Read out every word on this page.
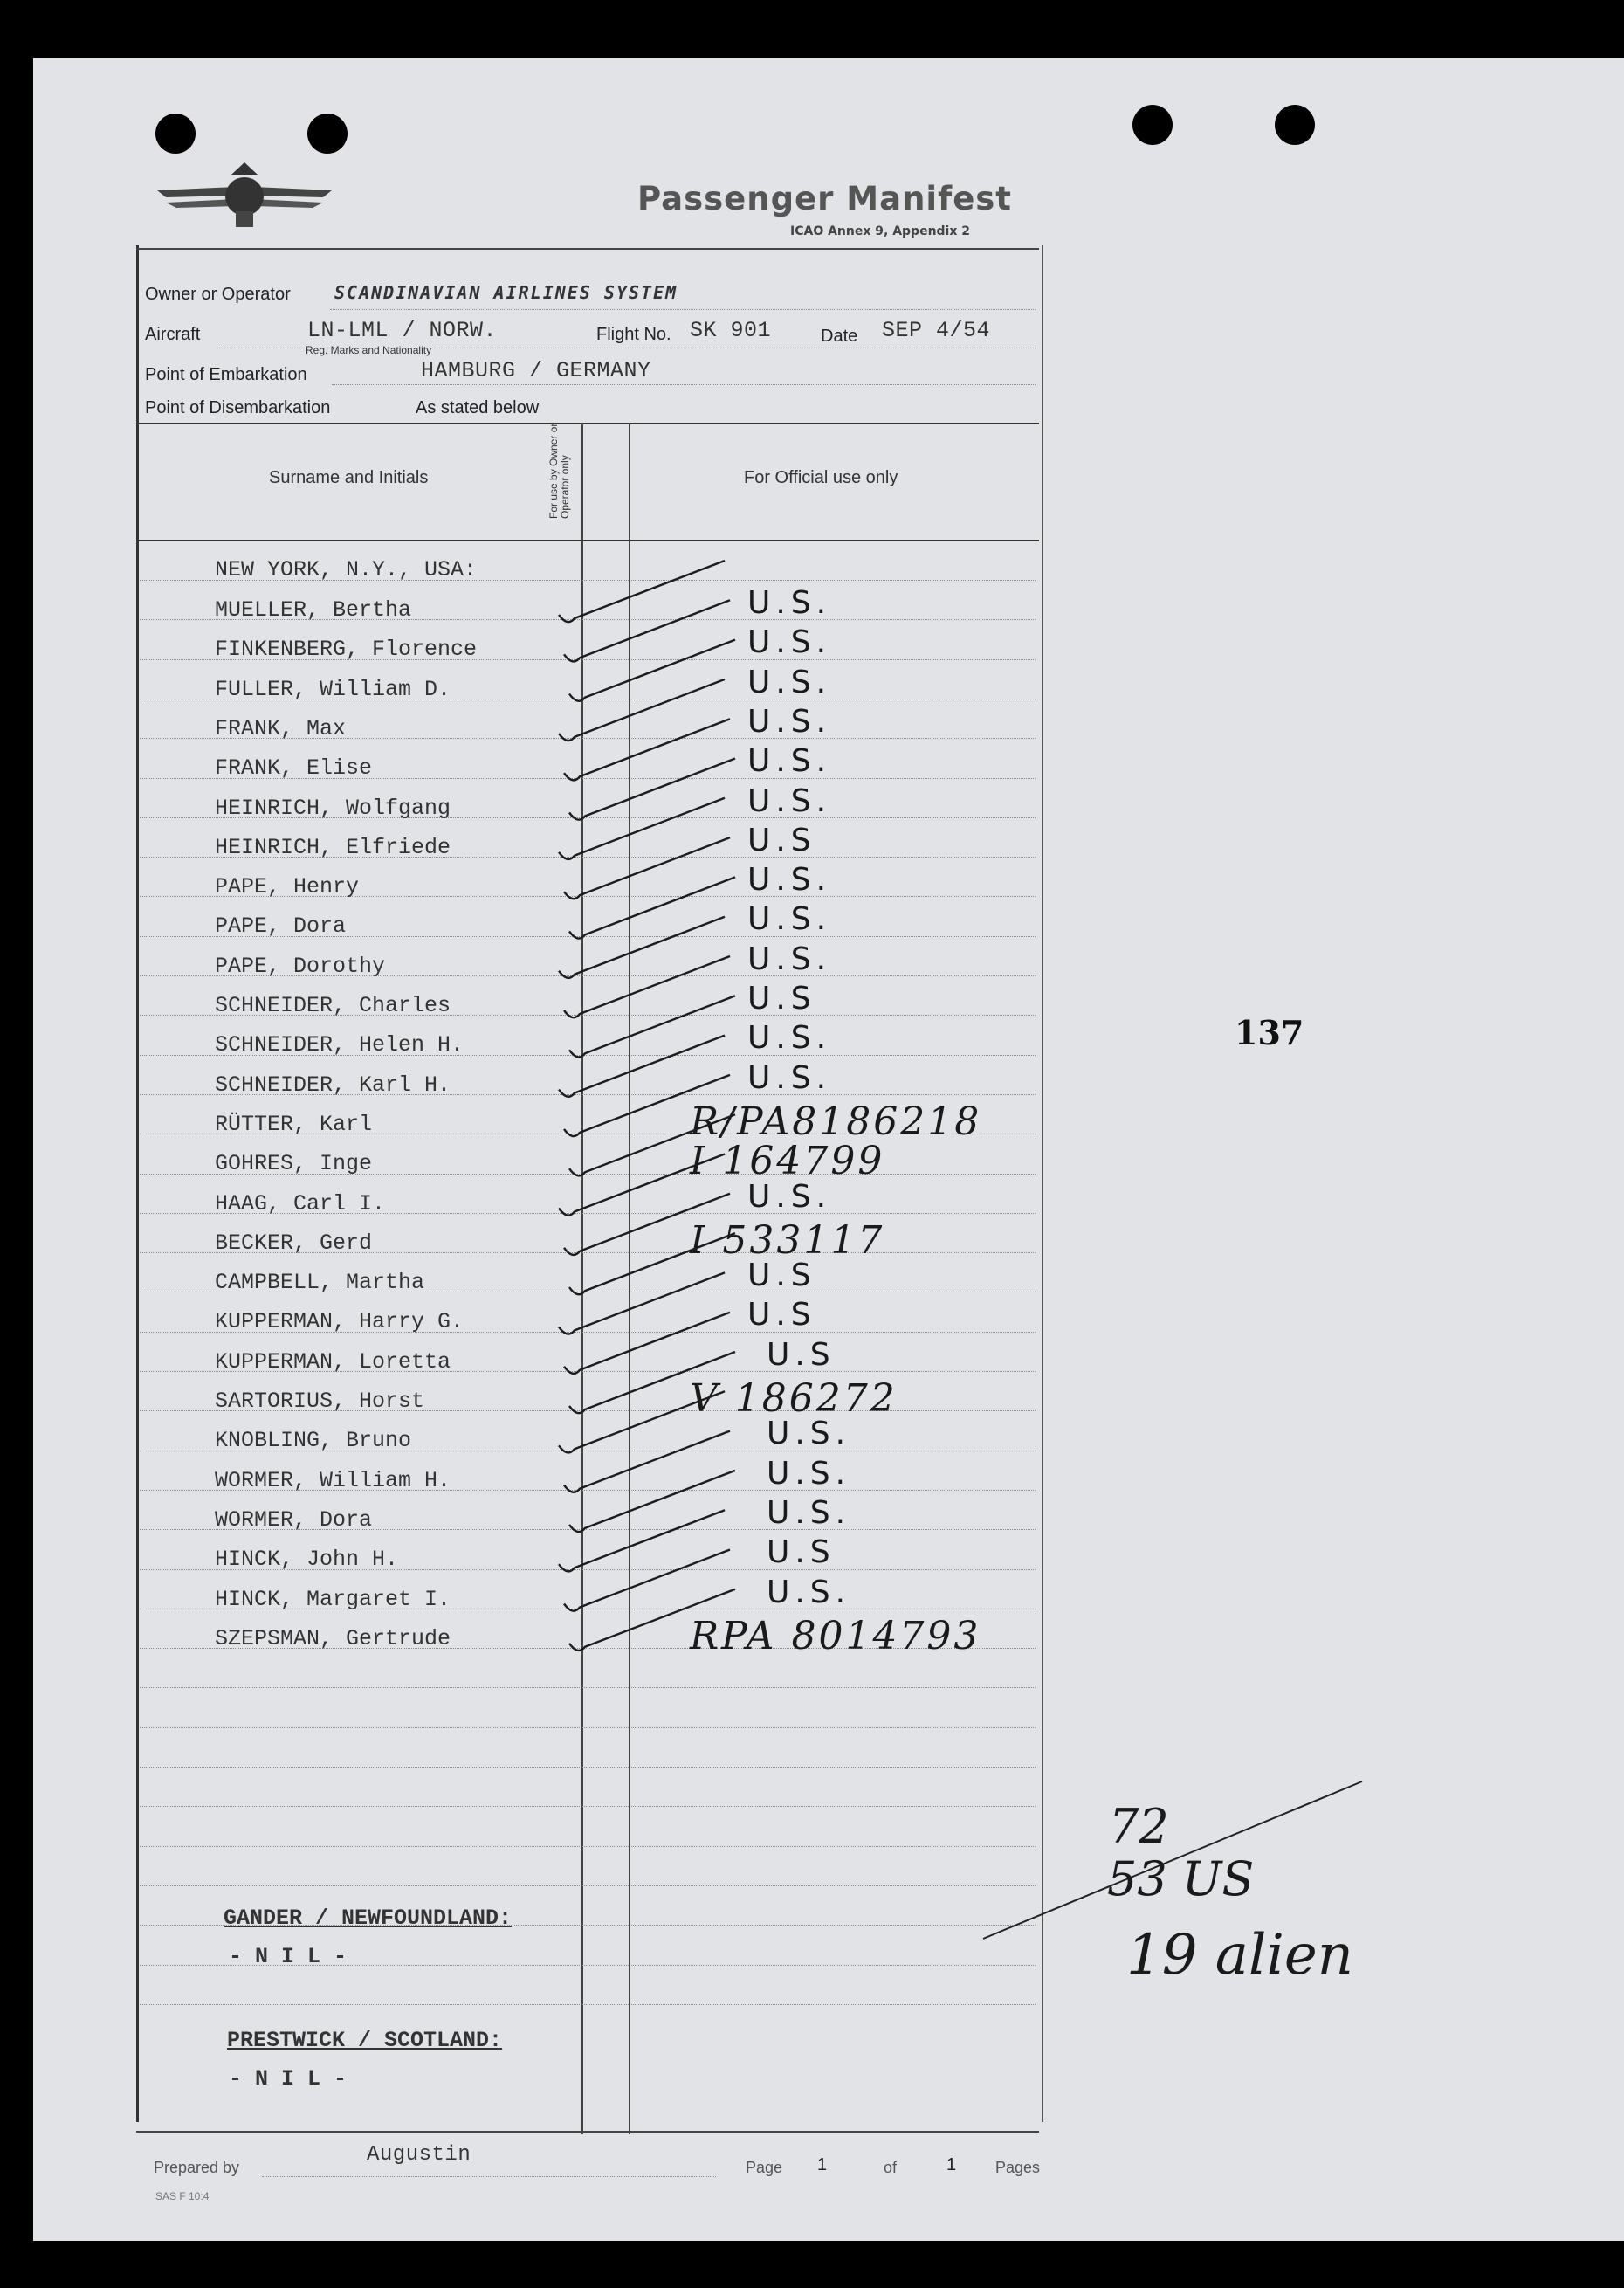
Passenger Manifest
ICAO Annex 9, Appendix 2
Owner or Operator	SCANDINAVIAN AIRLINES SYSTEM
Aircraft	LN-LML / NORW.
Reg. Marks and Nationality
Flight No. SK 901	Date SEP 4/54
Point of Embarkation	HAMBURG / GERMANY
Point of Disembarkation	As stated below
Surname and Initials	For use by Owner or Operator only	For Official use only
NEW YORK, N.Y., USA:
MUELLER, Bertha	U.S.
FINKENBERG, Florence	U.S.
FULLER, William D.	U.S.
FRANK, Max	U.S.
FRANK, Elise	U.S.
HEINRICH, Wolfgang	U.S.
HEINRICH, Elfriede	U.S
PAPE, Henry	U.S.
PAPE, Dora	U.S.
PAPE, Dorothy	U.S.
SCHNEIDER, Charles	U.S
SCHNEIDER, Helen H.	U.S.
SCHNEIDER, Karl H.	U.S.
RÜTTER, Karl	R/PA8186218
GOHRES, Inge	I 164799
HAAG, Carl I.	U.S.
BECKER, Gerd	I 533117
CAMPBELL, Martha	U.S
KUPPERMAN, Harry G.	U.S
KUPPERMAN, Loretta	U.S
SARTORIUS, Horst	V 186272
KNOBLING, Bruno	U.S.
WORMER, William H.	U.S.
WORMER, Dora	U.S.
HINCK, John H.	U.S
HINCK, Margaret I.	U.S.
SZEPSMAN, Gertrude	RPA 8014793
GANDER / NEWFOUNDLAND:
- N I L -
PRESTWICK / SCOTLAND:
- N I L -
137
72
53 US
19 alien
Prepared by
Augustin
Page 1	of	1 Pages
SAS F 10:4
